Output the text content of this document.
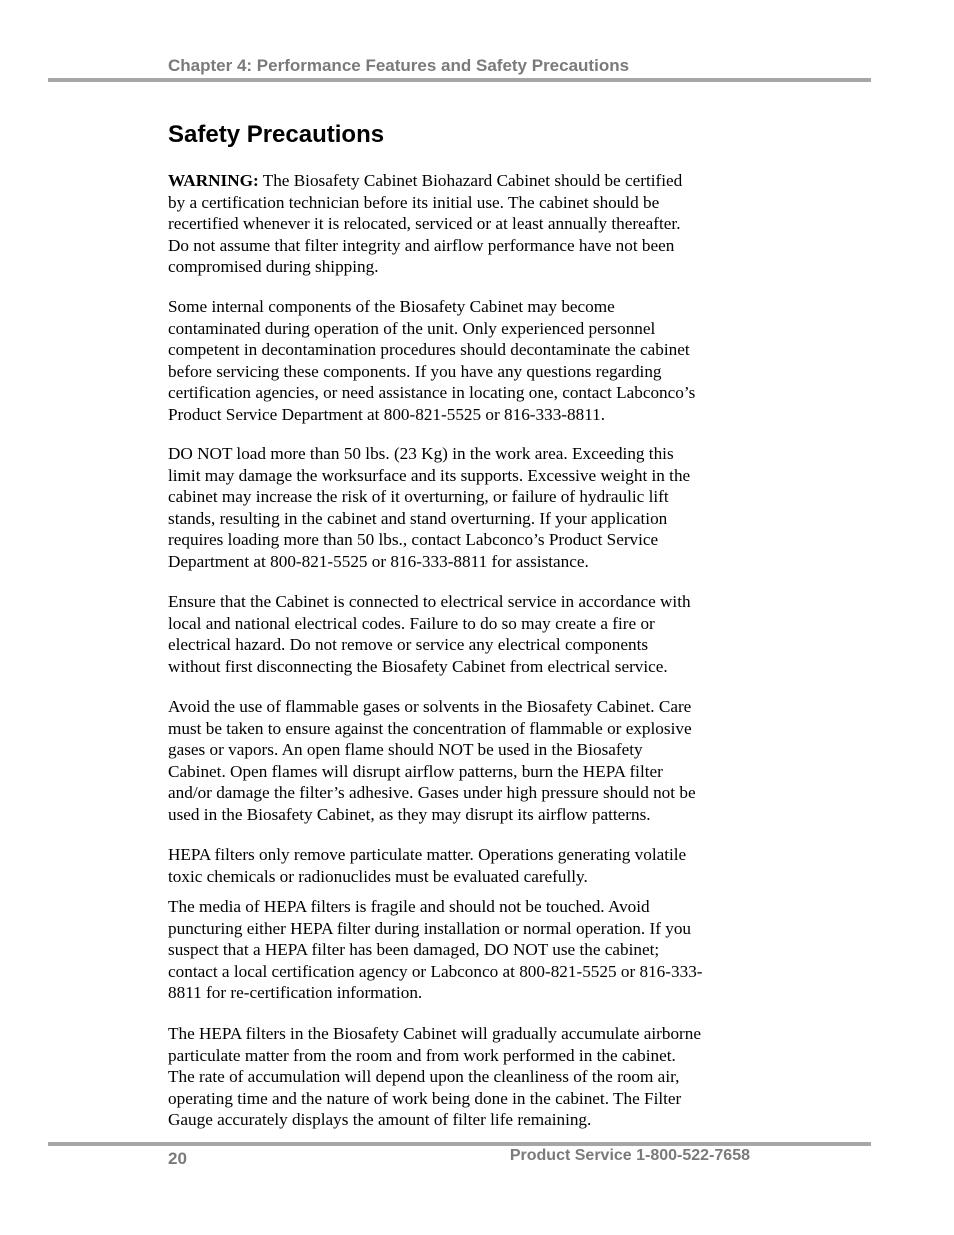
Chapter 4: Performance Features and Safety Precautions
Safety Precautions

WARNING: The Biosafety Cabinet Biohazard Cabinet should be certified
by a certification technician before its initial use. The cabinet should be
recertified whenever it is relocated, serviced or at least annually thereafter.
Do not assume that filter integrity and airflow performance have not been
compromised during shipping.

Some internal components of the Biosafety Cabinet may become
contaminated during operation of the unit. Only experienced personnel
competent in decontamination procedures should decontaminate the cabinet
before servicing these components. If you have any questions regarding
certification agencies, or need assistance in locating one, contact Labconco’s
Product Service Department at 800-821-5525 or 816-333-8811.

DO NOT load more than 50 lbs. (23 Kg) in the work area. Exceeding this
limit may damage the worksurface and its supports. Excessive weight in the
cabinet may increase the risk of it overturning, or failure of hydraulic lift
stands, resulting in the cabinet and stand overturning. If your application
requires loading more than 50 lbs., contact Labconco’s Product Service
Department at 800-821-5525 or 816-333-8811 for assistance.

Ensure that the Cabinet is connected to electrical service in accordance with
local and national electrical codes. Failure to do so may create a fire or
electrical hazard. Do not remove or service any electrical components
without first disconnecting the Biosafety Cabinet from electrical service.

Avoid the use of flammable gases or solvents in the Biosafety Cabinet. Care
must be taken to ensure against the concentration of flammable or explosive
gases or vapors. An open flame should NOT be used in the Biosafety
Cabinet. Open flames will disrupt airflow patterns, burn the HEPA filter
and/or damage the filter’s adhesive. Gases under high pressure should not be
used in the Biosafety Cabinet, as they may disrupt its airflow patterns.

HEPA filters only remove particulate matter. Operations generating volatile
toxic chemicals or radionuclides must be evaluated carefully.

The media of HEPA filters is fragile and should not be touched. Avoid
puncturing either HEPA filter during installation or normal operation. If you
suspect that a HEPA filter has been damaged, DO NOT use the cabinet;
contact a local certification agency or Labconco at 800-821-5525 or 816-333-
8811 for re-certification information.

The HEPA filters in the Biosafety Cabinet will gradually accumulate airborne
particulate matter from the room and from work performed in the cabinet.
The rate of accumulation will depend upon the cleanliness of the room air,
operating time and the nature of work being done in the cabinet. The Filter
Gauge accurately displays the amount of filter life remaining.

20	Product Service 1-800-522-7658
